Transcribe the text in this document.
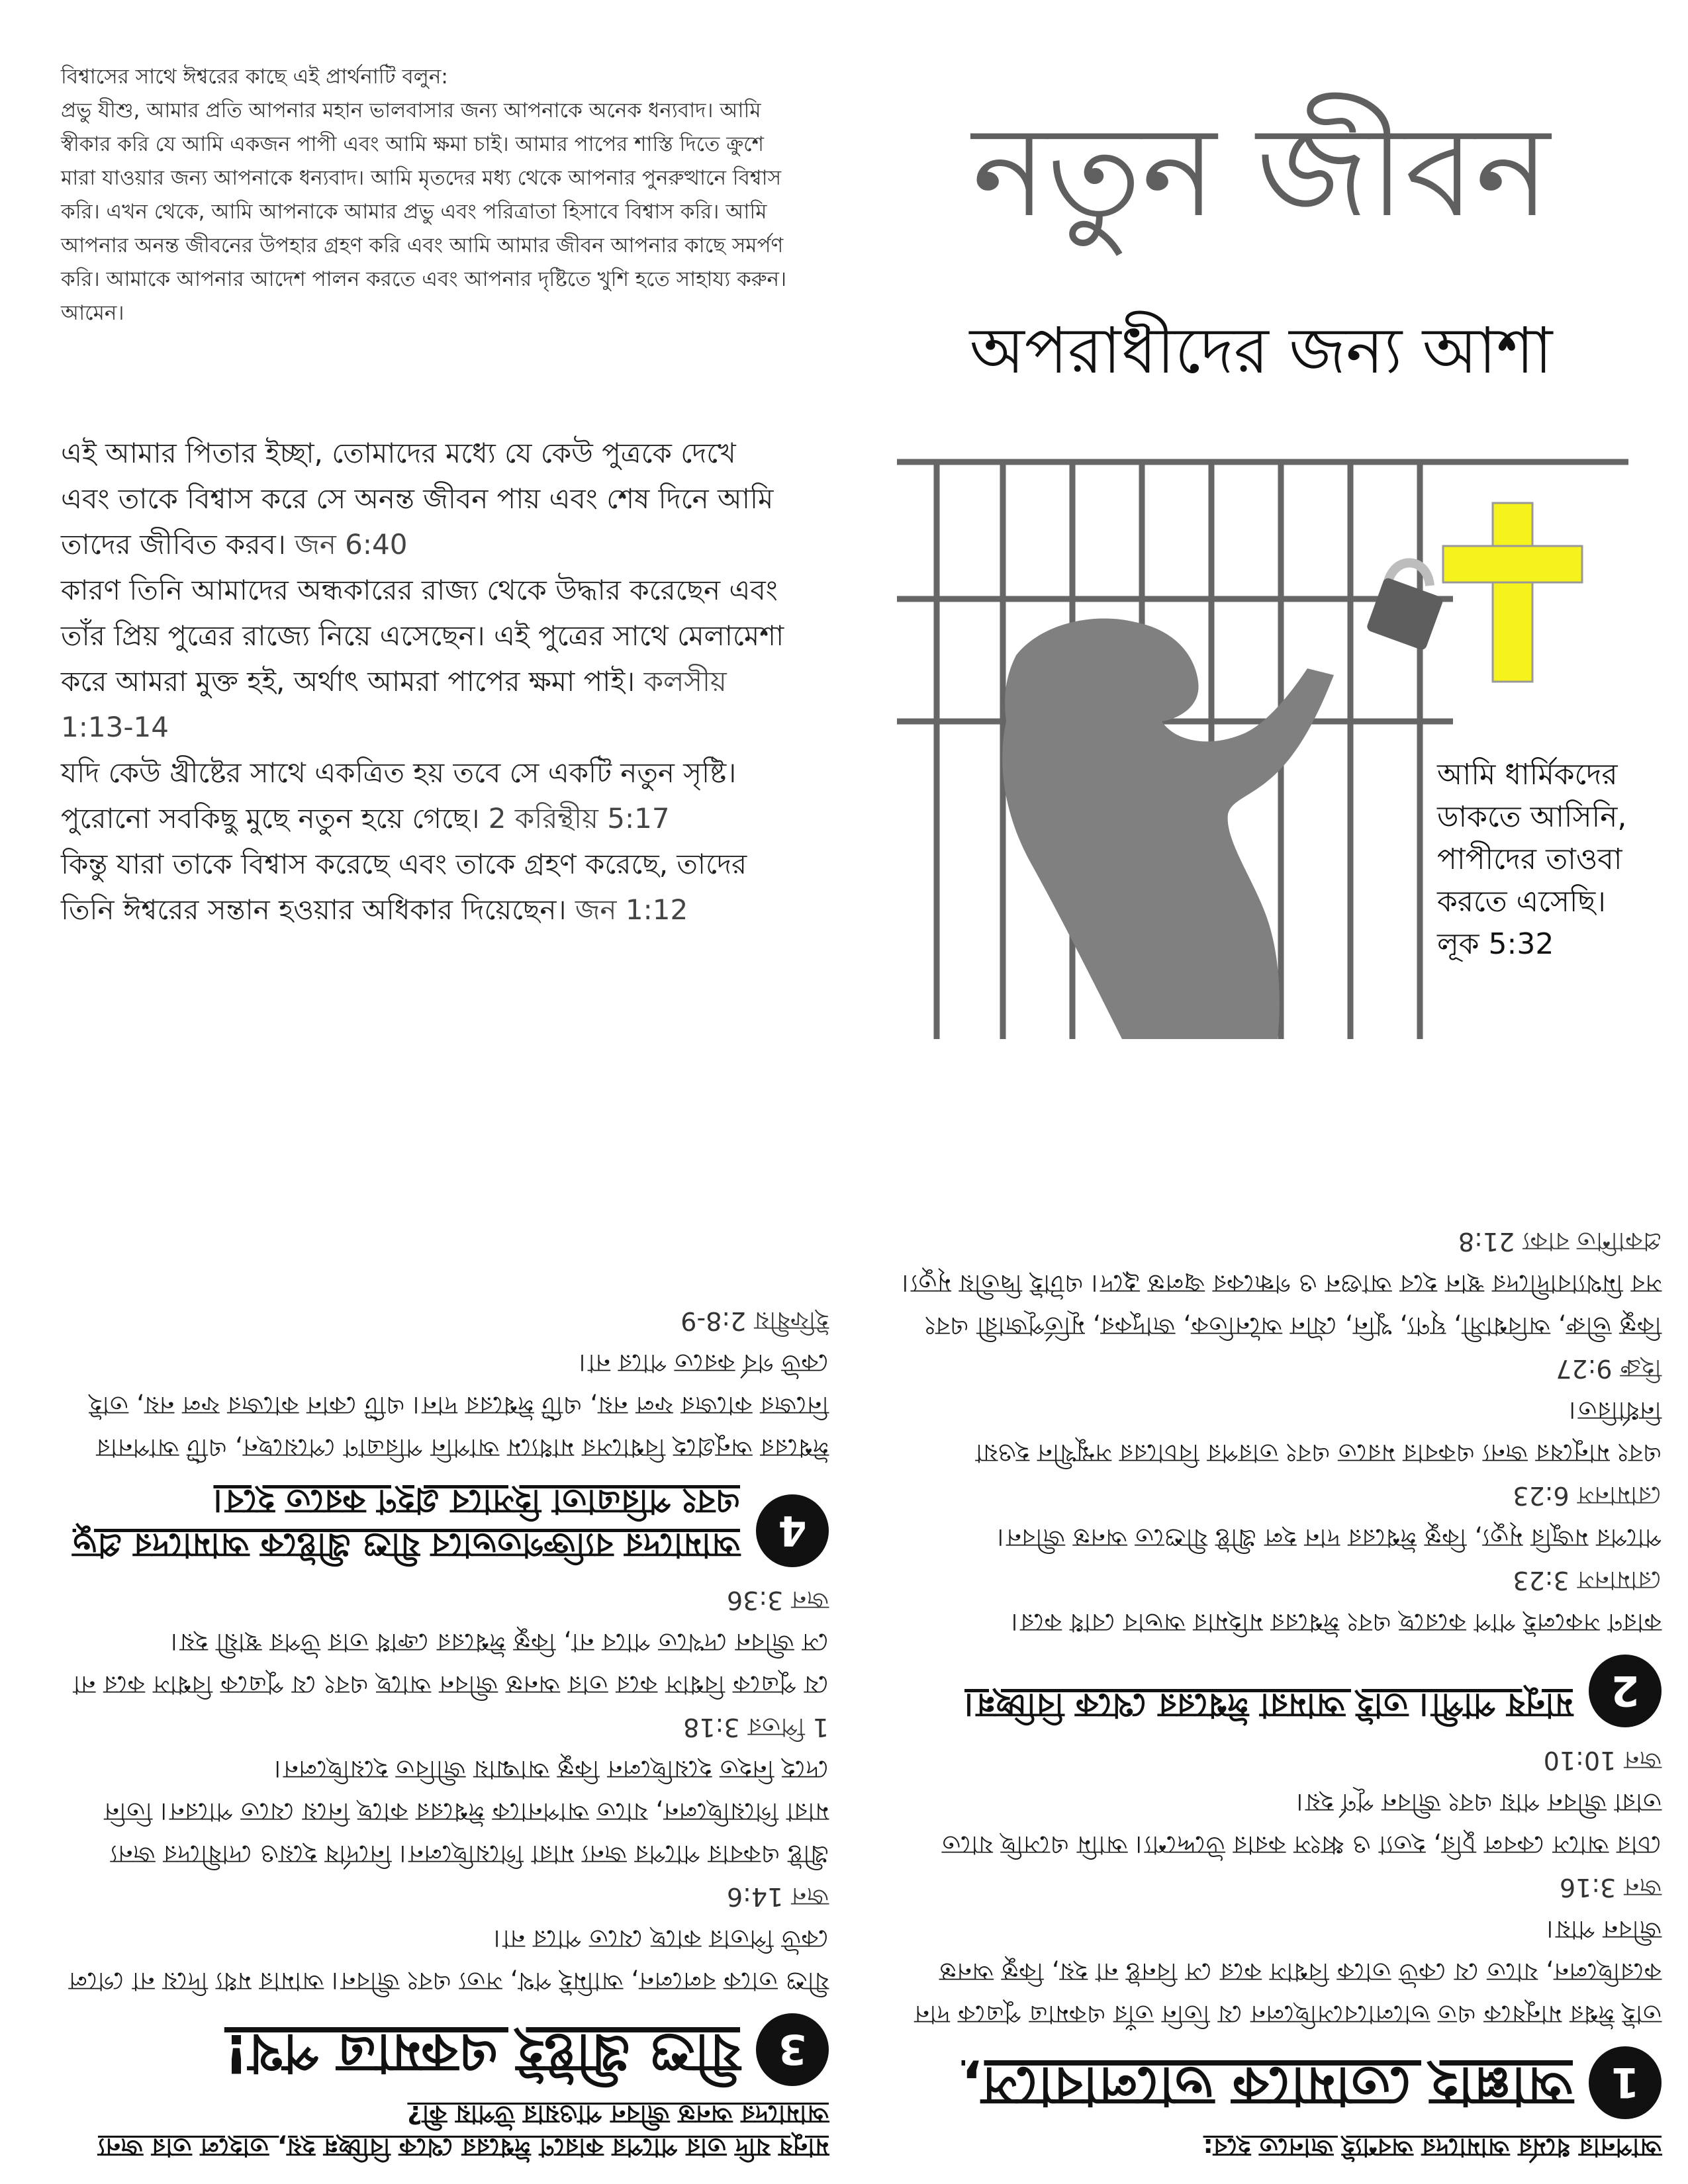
বিশ্বাসের সাথে ঈশ্বরের কাছে এই প্রার্থনাটি বলুন:

প্রভু যীশু, আমার প্রতি আপনার মহান ভালবাসার জন্য আপনাকে অনেক ধন্যবাদ। আমি স্বীকার করি যে আমি একজন পাপী এবং আমি ক্ষমা চাই। আমার পাপের শাস্তি দিতে ক্রুশে মারা যাওয়ার জন্য আপনাকে ধন্যবাদ। আমি মৃতদের মধ্য থেকে আপনার পুনরুত্থানে বিশ্বাস করি। এখন থেকে, আমি আপনাকে আমার প্রভু এবং পরিত্রাতা হিসাবে বিশ্বাস করি। আমি আপনার অনন্ত জীবনের উপহার গ্রহণ করি এবং আমি আমার জীবন আপনার কাছে সমর্পণ করি। আমাকে আপনার আদেশ পালন করতে এবং আপনার দৃষ্টিতে খুশি হতে সাহায্য করুন। আমেন।

এই আমার পিতার ইচ্ছা, তোমাদের মধ্যে যে কেউ পুত্রকে দেখে এবং তাকে বিশ্বাস করে সে অনন্ত জীবন পায় এবং শেষ দিনে আমি তাদের জীবিত করব। জন 6:40
কারণ তিনি আমাদের অন্ধকারের রাজ্য থেকে উদ্ধার করেছেন এবং তাঁর প্রিয় পুত্রের রাজ্যে নিয়ে এসেছেন। এই পুত্রের সাথে মেলামেশা করে আমরা মুক্ত হই, অর্থাৎ আমরা পাপের ক্ষমা পাই। কলসীয় 1:13-14
যদি কেউ খ্রীষ্টের সাথে একত্রিত হয় তবে সে একটি নতুন সৃষ্টি। পুরোনো সবকিছু মুছে নতুন হয়ে গেছে। 2 করিন্থীয় 5:17
কিন্তু যারা তাকে বিশ্বাস করেছে এবং তাকে গ্রহণ করেছে, তাদের তিনি ঈশ্বরের সন্তান হওয়ার অধিকার দিয়েছেন। জন 1:12
নতুন জীবন
অপরাধীদের জন্য আশা
আমি ধার্মিকদের
ডাকতে আসিনি,
পাপীদের তাওবা
করতে এসেছি।
লূক 5:32

আপনার ধর্মের আমাদের অবশ্যই জানতে হবে:

1
আল্লাহ তোমাকে ভালোবাসে,

তাই ঈশ্বর মানুষকে এত ভালোবেসেছিলেন যে তিনি তাঁর একমাত্র পুত্রকে দান করেছিলেন, যাতে যে কেউ তাকে বিশ্বাস করে সে বিনষ্ট না হয়, কিন্তু অনন্ত জীবন পায়।

জন 3:16

চোর আসে কেবল চুরি, হত্যা ও ধ্বংস করার উদ্দেশ্যে। আমি এসেছি যাতে তারা জীবন পায় এবং জীবন পূর্ণ হয়।

জন 10:10

2
মানুষ পাপী। তাই আমরা ঈশ্বরের থেকে বিচ্ছিন্ন।

কারণ সকলেই পাপ করেছে এবং ঈশ্বরের মহিমার অভাব বোধ করে।

রোমানস 3:23

পাপের মজুরি মৃত্যু, কিন্তু ঈশ্বরের দান হল খ্রীষ্ট যীশুতে অনন্ত জীবন।

রোমানস 6:23

এবং মানুষের জন্য একবার মরতে এবং তারপর বিচারের সম্মুখীন হওয়া নির্ধারিত।

হিব্রু 9:27

কিন্তু ভীরু, অবিশ্বাসী, ঘৃণ্য, খুনি, যৌন অনৈতিক, জাদুকর, মূর্তিপূজারী এবং সব মিথ্যাবাদীদের স্থান হবে আগুন ও গন্ধকের জ্বলন্ত হ্রদে। এটাই দ্বিতীয় মৃত্যু।

প্রকাশিত বাক্য 21:8

মানুষ যদি তার পাপের কারণে ঈশ্বরের থেকে বিচ্ছিন্ন হয়, তাহলে তার জন্য আমাদের অনন্ত জীবন পাওয়ার উপায় কী?

3
যীশু খ্রীষ্টই একমাত্র পথ!

যীশু তাকে বললেন, আমিই পথ, সত্য এবং জীবন। আমার মধ্য দিয়ে না গেলে কেউ পিতার কাছে যেতে পারে না।

জন 14:6

খ্রীষ্ট একবার পাপের জন্য মারা গিয়েছিলেন। নির্দোষ হয়েও দোষীদের জন্য মারা গিয়েছিলেন, যাতে আপনাকে ঈশ্বরের কাছে নিয়ে যেতে পারেন। তিনি দেহে নিহত হয়েছিলেন কিন্তু আত্মায় জীবিত হয়েছিলেন।

1 পিতর 3:18

যে পুত্রকে বিশ্বাস করে তার অনন্ত জীবন আছে এবং যে পুত্রকে বিশ্বাস করে না সে জীবন দেখতে পাবে না, কিন্তু ঈশ্বরের ক্রোধ তার উপর স্থায়ী হয়।

জন 3:36

4
আমাদের ব্যক্তিগতভাবে যীশু খ্রীষ্টকে আমাদের প্রভু এবং পরিত্রাতা হিসাবে গ্রহণ করতে হবে।

ঈশ্বরের অনুগ্রহে বিশ্বাসের মাধ্যমে আপনি পরিত্রাণ পেয়েছেন, এটি আপনার নিজের কাজের ফল নয়, এটি ঈশ্বরের দান। এটি কোন কাজের ফল নয়, তাই কেউ গর্ব করতে পারে না।

ইফিষীয় 2:8-9
